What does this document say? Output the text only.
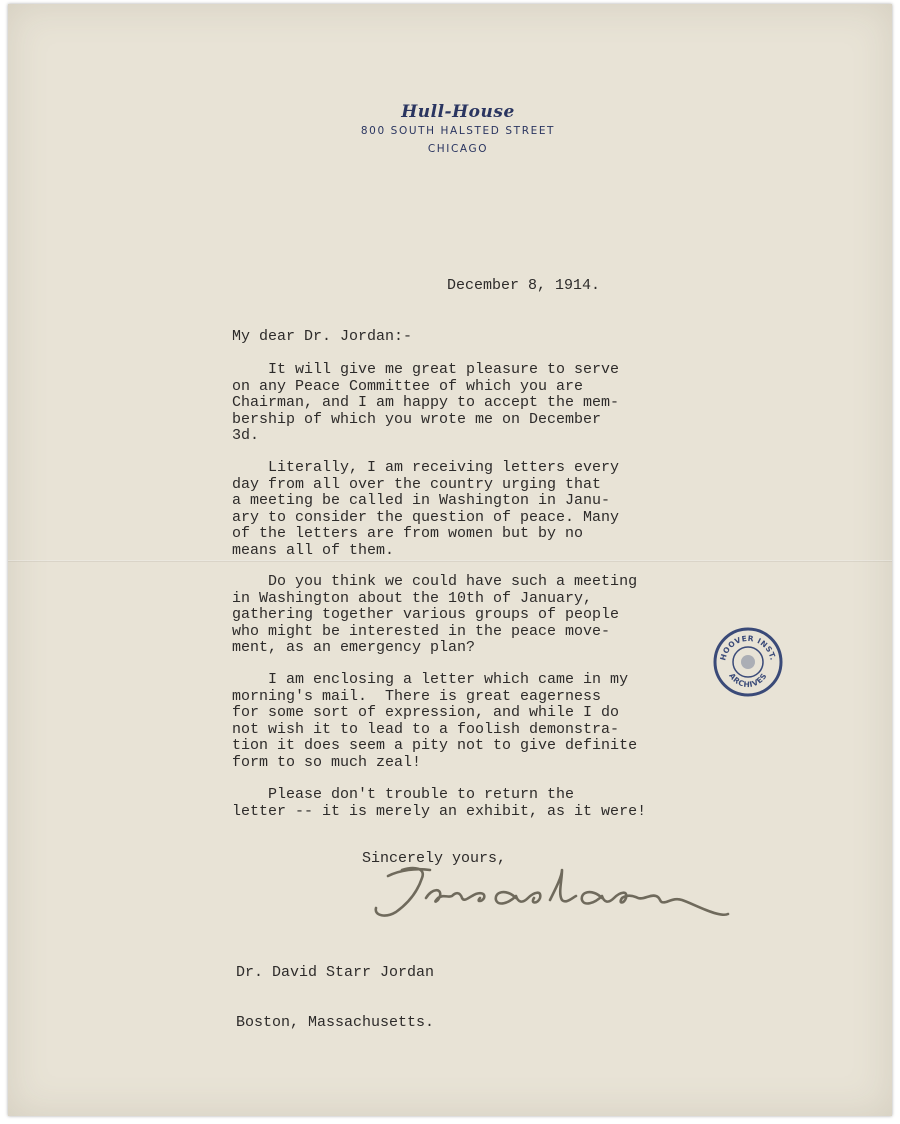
Hull-House
800 SOUTH HALSTED STREET
CHICAGO
December 8, 1914.
My dear Dr. Jordan:-
It will give me great pleasure to serve
on any Peace Committee of which you are
Chairman, and I am happy to accept the mem-
bership of which you wrote me on December
3d.
Literally, I am receiving letters every
day from all over the country urging that
a meeting be called in Washington in Janu-
ary to consider the question of peace. Many
of the letters are from women but by no
means all of them.
Do you think we could have such a meeting
in Washington about the 10th of January,
gathering together various groups of people
who might be interested in the peace move-
ment, as an emergency plan?
I am enclosing a letter which came in my
morning's mail.  There is great eagerness
for some sort of expression, and while I do
not wish it to lead to a foolish demonstra-
tion it does seem a pity not to give definite
form to so much zeal!
Please don't trouble to return the
letter -- it is merely an exhibit, as it were!
Sincerely yours,

Dr. David Starr Jordan

Boston, Massachusetts.

HOOVER INST.
ARCHIVES
